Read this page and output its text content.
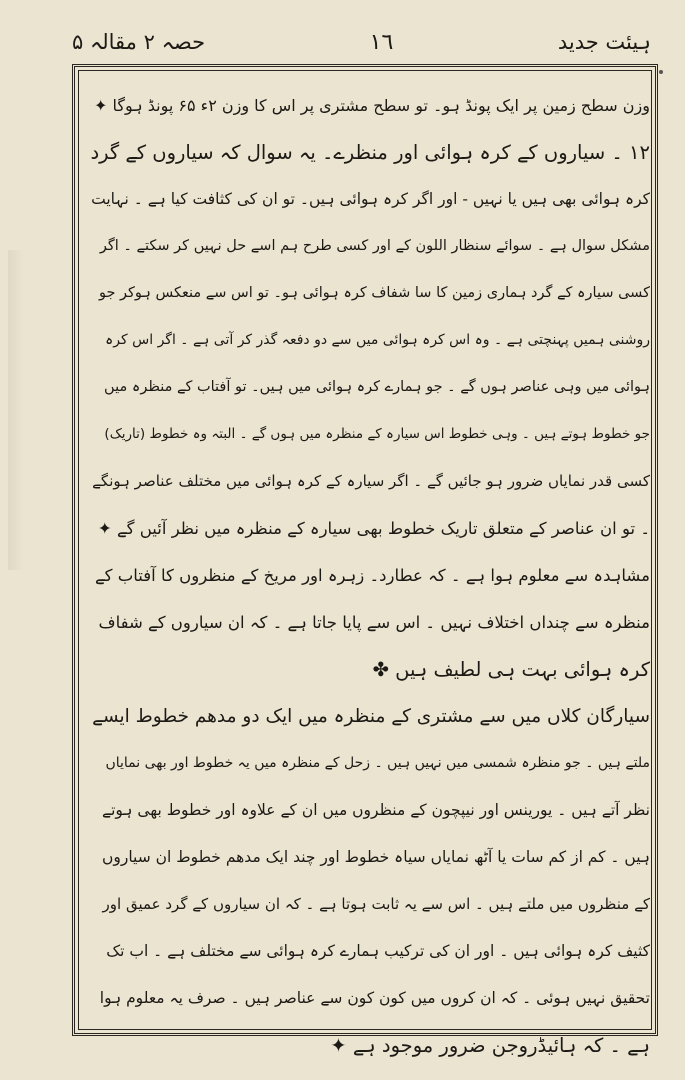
ہیئت جدید
١٦
حصہ ۲ مقالہ ۵
وزن سطح زمین پر ایک پونڈ ہو۔ تو سطح مشتری پر اس کا وزن ۲ء ۶۵ پونڈ ہوگا ✦
۱۲ ۔ سیاروں کے کرہ ہوائی اور منظرے۔ یہ سوال کہ سیاروں کے گرد
کرہ ہوائی بھی ہیں یا نہیں - اور اگر کرہ ہوائی ہیں۔ تو ان کی کثافت کیا ہے ۔ نہایت
مشکل سوال ہے ۔ سوائے سنظار اللون کے اور کسی طرح ہم اسے حل نہیں کر سکتے ۔ اگر
کسی سیارہ کے گرد ہماری زمین کا سا شفاف کرہ ہوائی ہو۔ تو اس سے منعکس ہوکر جو
روشنی ہمیں پہنچتی ہے ۔ وہ اس کرہ ہوائی میں سے دو دفعہ گذر کر آتی ہے ۔ اگر اس کرہ
ہوائی میں وہی عناصر ہوں گے ۔ جو ہمارے کرہ ہوائی میں ہیں۔ تو آفتاب کے منظرہ میں
جو خطوط ہوتے ہیں ۔ وہی خطوط اس سیارہ کے منظرہ میں ہوں گے ۔ البتہ وہ خطوط (تاریک)
کسی قدر نمایاں ضرور ہو جائیں گے ۔ اگر سیارہ کے کرہ ہوائی میں مختلف عناصر ہونگے
۔ تو ان عناصر کے متعلق تاریک خطوط بھی سیارہ کے منظرہ میں نظر آئیں گے ✦
مشاہدہ سے معلوم ہوا ہے ۔ کہ عطارد۔ زہرہ اور مریخ کے منظروں کا آفتاب کے
منظرہ سے چنداں اختلاف نہیں ۔ اس سے پایا جاتا ہے ۔ کہ ان سیاروں کے شفاف
کرہ ہوائی بہت ہی لطیف ہیں ✤
سیارگان کلاں میں سے مشتری کے منظرہ میں ایک دو مدھم خطوط ایسے
ملتے ہیں ۔ جو منظرہ شمسی میں نہیں ہیں ۔ زحل کے منظرہ میں یہ خطوط اور بھی نمایاں
نظر آتے ہیں ۔ یورینس اور نیپچون کے منظروں میں ان کے علاوہ اور خطوط بھی ہوتے
ہیں ۔ کم از کم سات یا آٹھ نمایاں سیاہ خطوط اور چند ایک مدھم خطوط ان سیاروں
کے منظروں میں ملتے ہیں ۔ اس سے یہ ثابت ہوتا ہے ۔ کہ ان سیاروں کے گرد عمیق اور
کثیف کرہ ہوائی ہیں ۔ اور ان کی ترکیب ہمارے کرہ ہوائی سے مختلف ہے ۔ اب تک
تحقیق نہیں ہوئی ۔ کہ ان کروں میں کون کون سے عناصر ہیں ۔ صرف یہ معلوم ہوا
ہے ۔ کہ ہائیڈروجن ضرور موجود ہے ✦
